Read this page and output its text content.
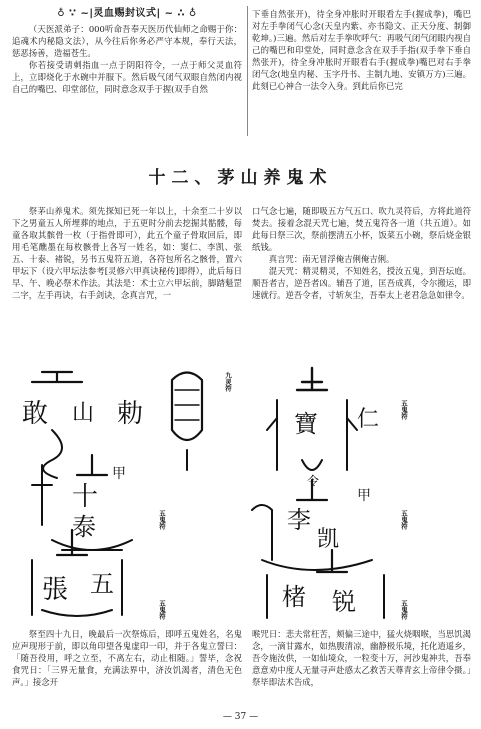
♁ ∵ ~|灵血赐封议式| ~ ∴ ♁

（天医派弟子：000听命吾奉天医历代仙师之命赐于你：追魂术内秘隐文法），从今往后你务必严守本规，奉行天法，惩恶扬善，造福苍生。

你若接受请刺指血一点于阴阳符令，一点于师父灵血符上，立即烧化于水碗中并服下。然后吸气闭气双眼自然闭内视自己的嘴巴、印堂部位，同时意念双手于握(双手自然

下垂自然张开)，待全身冲胀时开眼看左手(握成拳)，嘴巴对左手拳闭气心念(天皇内紫、亦书隐文、正天分度、制御乾坤。)三遍。然后对左手拳吹呼气：再吸气闭气闭眼内视自己的嘴巴和印堂处，同时意念含在双手手指(双手拳下垂自然张开)，待全身冲胀时开眼看右手(握成拳)嘴巴对右手拳闭气念(地皇内秘、玉字丹书、主制九地、安镇万方)三遍。此刻已心神合一法令入身。到此后你已完

十二、茅山养鬼术

祭茅山养鬼术。须先探知已死一年以上，十余至二十岁以下之男童五人所埋葬的地点，于五更时分前去挖掘其骷髅，每童各取其髌骨一枚（于指骨即可），此五个童子骨取回后，即用毛笔醮墨在每枚骸骨上各写一姓名，如：窦仁、李凯、张五、十泰、褚锐，另书五鬼符五道，各符包所名之骸骨，置六甲坛下（设六甲坛法参考[灵修六甲真诀秘传]即得），此后每日早、午、晚必祭术作法。其法是：术士立六甲坛前，脚踏魁罡二字，左手再诀，右手剑诀，念真言咒，一

口气念七遍，随即吸五方气五口、吹九灵符后，方将此道符焚去。接着念混天咒七遍，焚五鬼符各一道（共五道）。如此每日祭三次，祭前摆清五小杯，饭菜五小碗，祭后烧金银纸钱。

真言咒：南无冒浮俺吉俐俺吉俐。

混天咒：精灵精灵，不知姓名，授汝五鬼，到吾坛庭。顺吾者吉，逆吾者凶。辅吾了道，匡吾成真，令尔搬运，即速就行。逆吾令者，寸斩灰尘，吾奉太上老君急急如律令。

敢 山 勅
九灵符
寶 仁
令
五鬼符
甲
十
泰	五鬼符
甲
李
凯
五鬼符
張 五
五鬼符	楮 锐	五鬼符

祭至四十九日，晚最后一次祭炼后，即呼五鬼姓名，名鬼应声现形于前，即以角印望各鬼虚印一印，并于各鬼立誓曰：「随吾役用，呼之立至，不离左右，动止相随。」誓毕，念祝食咒日：「三界无量食，充满法界中，济汝饥渴者，清色无色声。」接念开

喉咒日：悲夫常枉苦，颊偏三途中，猛火烧咽喉，当思饥渴念，一滴甘露水，如热腹清凉，幽静极乐境，托化逍遥乡，吾令施汝供，一如仙境众，一粒变十万，河沙鬼神共，吾奉意意劝中度人无量寻声赴感太乙救苦天尊青玄上帝律令摄。」祭毕即法术告成，

— 37 —
